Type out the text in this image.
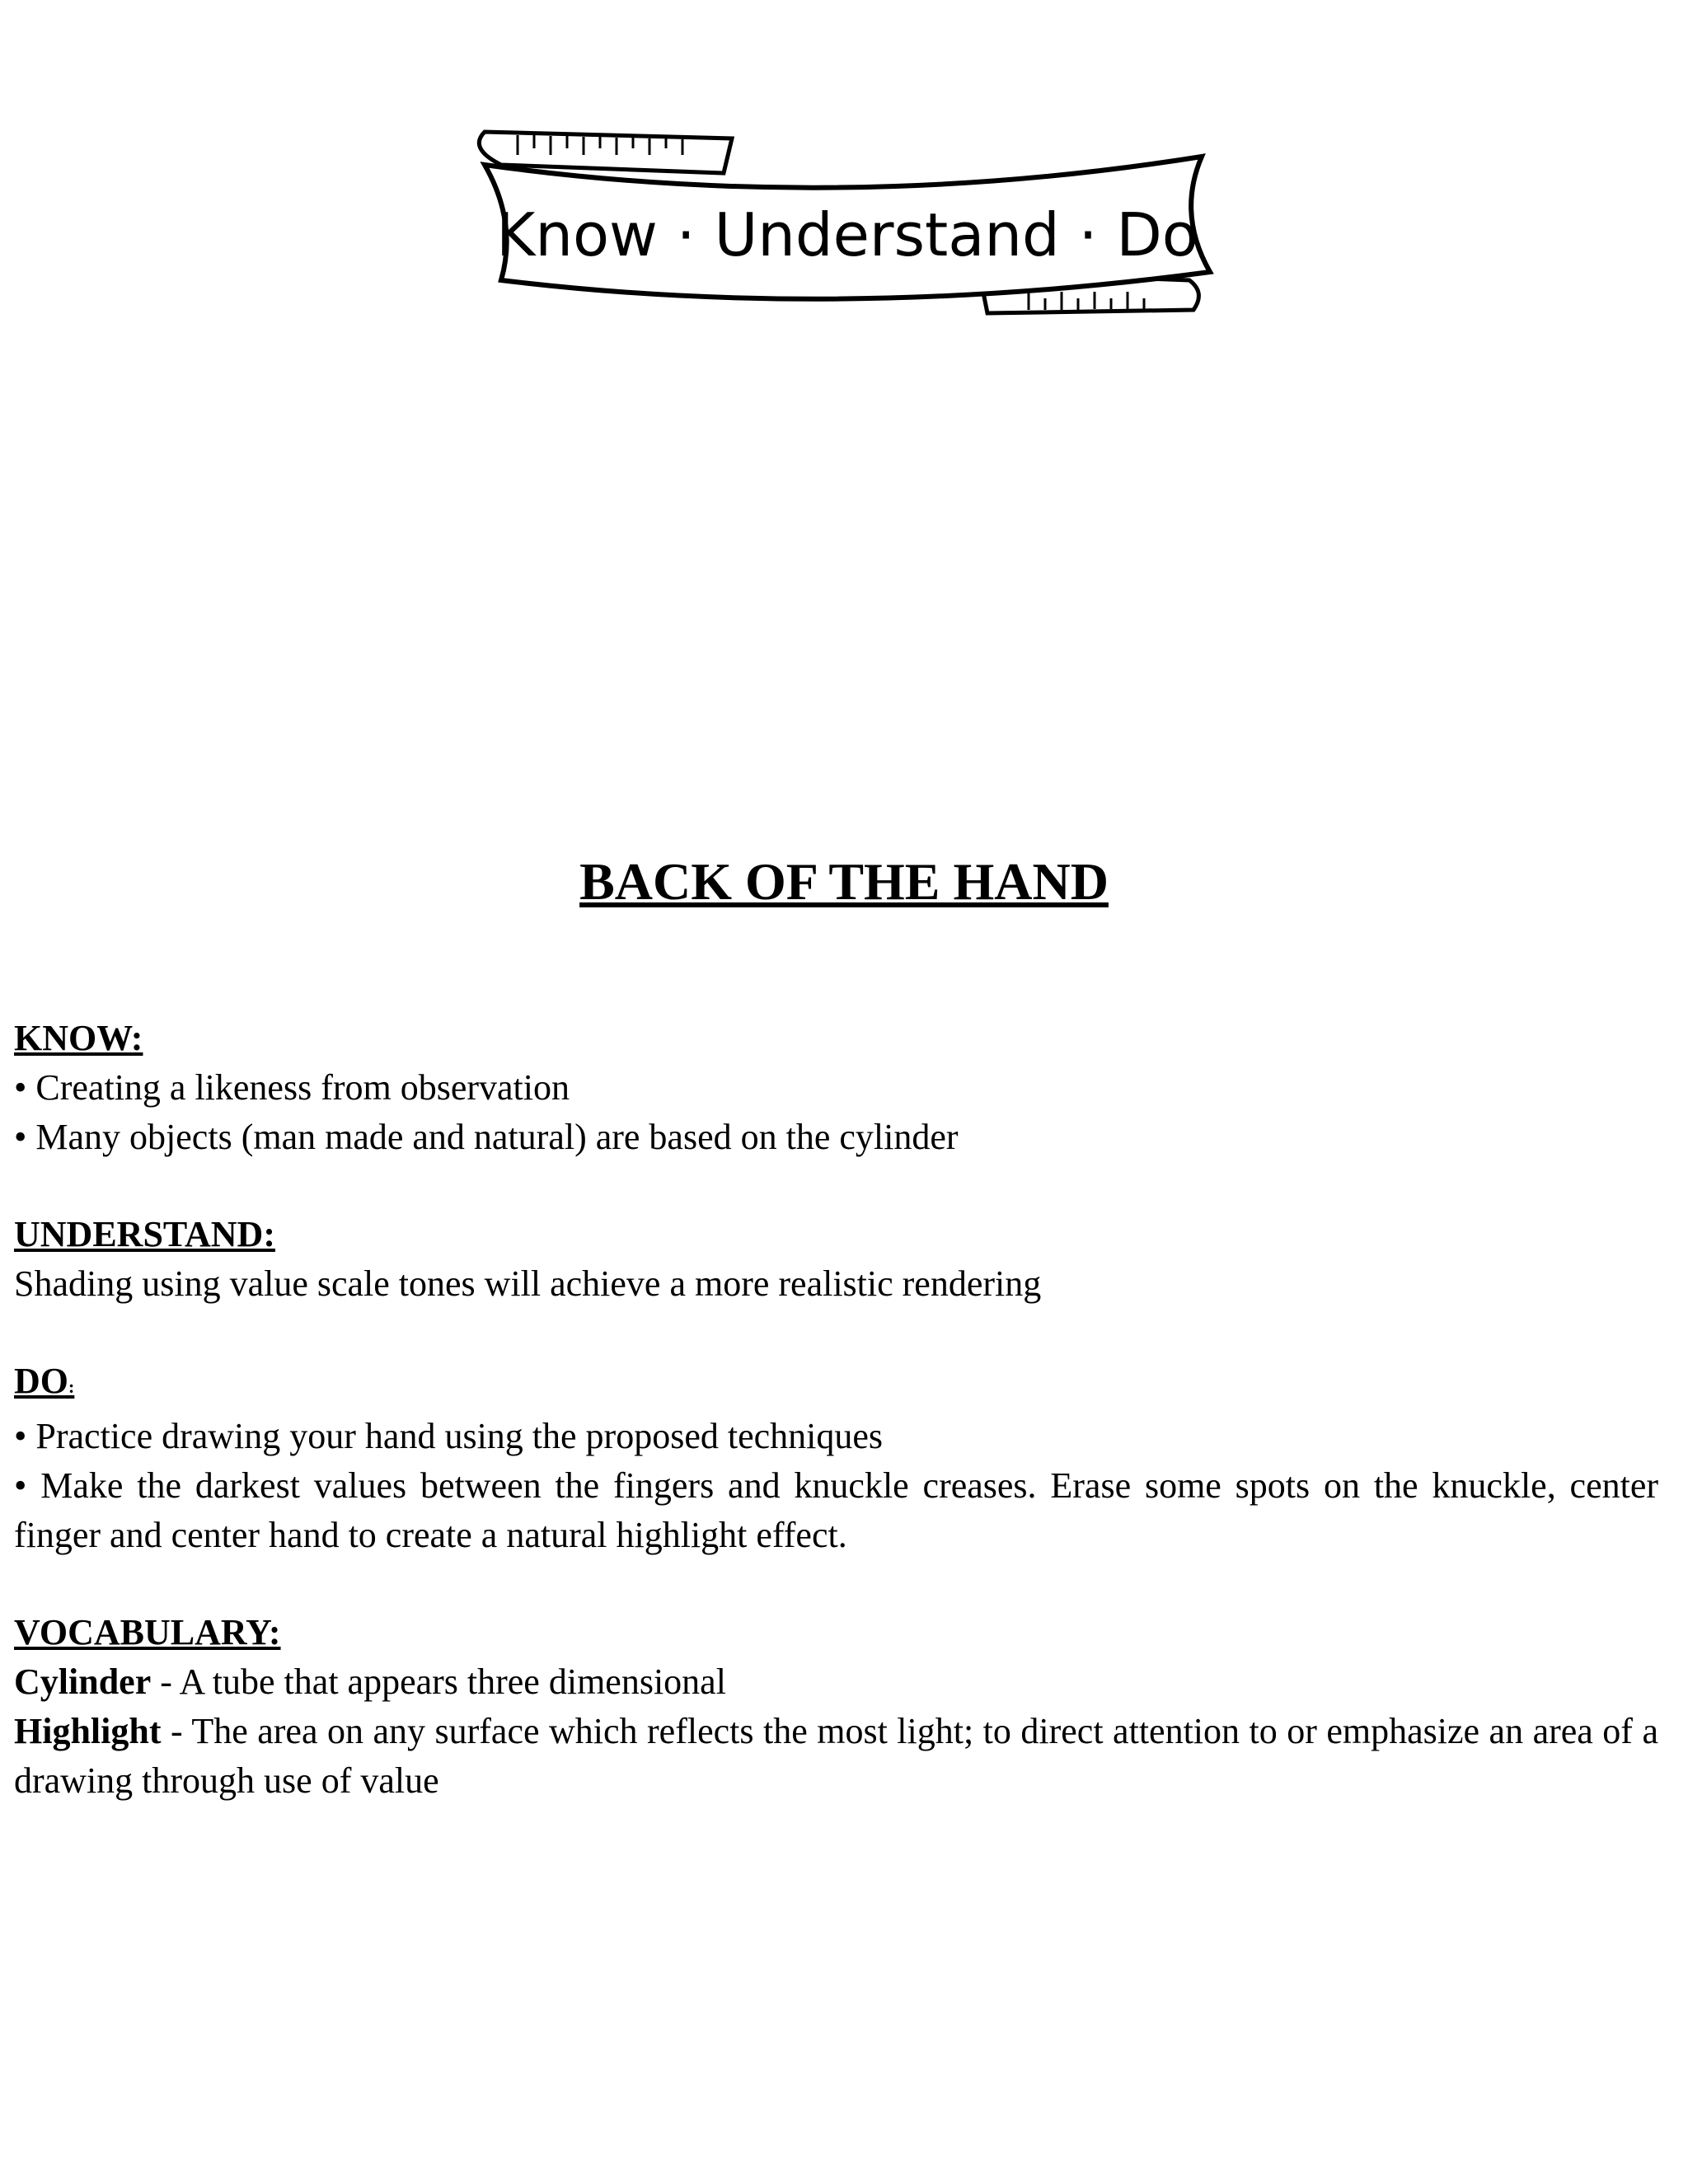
Know · Understand · Do
BACK OF THE HAND

KNOW:

• Creating a likeness from observation

• Many objects (man made and natural) are based on the cylinder

UNDERSTAND:

Shading using value scale tones will achieve a more realistic rendering

DO:

• Practice drawing your hand using the proposed techniques

• Make the darkest values between the fingers and knuckle creases. Erase some spots on the knuckle, center finger and center hand to create a natural highlight effect.

VOCABULARY:

Cylinder - A tube that appears three dimensional

Highlight - The area on any surface which reflects the most light; to direct attention to or emphasize an area of a drawing through use of value
